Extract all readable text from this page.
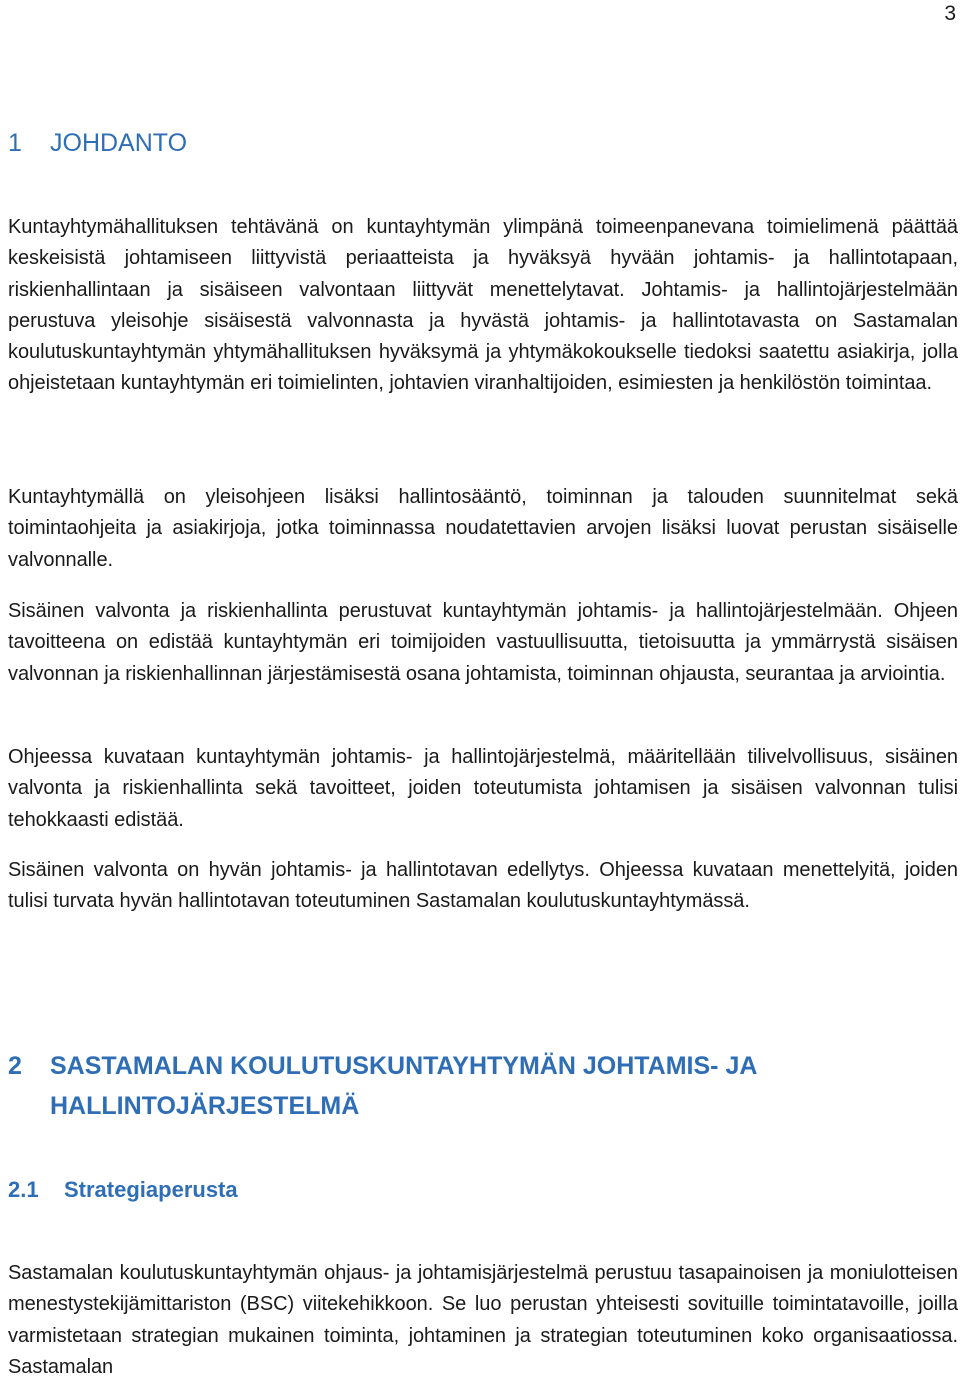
3
1 JOHDANTO

Kuntayhtymähallituksen tehtävänä on kuntayhtymän ylimpänä toimeenpanevana toimielimenä päättää keskeisistä johtamiseen liittyvistä periaatteista ja hyväksyä hyvään johtamis- ja hallintotapaan, riskienhallintaan ja sisäiseen valvontaan liittyvät menettelytavat. Johtamis- ja hallintojärjestelmään perustuva yleisohje sisäisestä valvonnasta ja hyvästä johtamis- ja hallintotavasta on Sastamalan koulutuskuntayhtymän yhtymähallituksen hyväksymä ja yhtymäkokoukselle tiedoksi saatettu asiakirja, jolla ohjeistetaan kuntayhtymän eri toimielinten, johtavien viranhaltijoiden, esimiesten ja henkilöstön toimintaa.

Kuntayhtymällä on yleisohjeen lisäksi hallintosääntö, toiminnan ja talouden suunnitelmat sekä toimintaohjeita ja asiakirjoja, jotka toiminnassa noudatettavien arvojen lisäksi luovat perustan sisäiselle valvonnalle.

Sisäinen valvonta ja riskienhallinta perustuvat kuntayhtymän johtamis- ja hallintojärjestelmään. Ohjeen tavoitteena on edistää kuntayhtymän eri toimijoiden vastuullisuutta, tietoisuutta ja ymmärrystä sisäisen valvonnan ja riskienhallinnan järjestämisestä osana johtamista, toiminnan ohjausta, seurantaa ja arviointia.

Ohjeessa kuvataan kuntayhtymän johtamis- ja hallintojärjestelmä, määritellään tilivelvollisuus, sisäinen valvonta ja riskienhallinta sekä tavoitteet, joiden toteutumista johtamisen ja sisäisen valvonnan tulisi tehokkaasti edistää.

Sisäinen valvonta on hyvän johtamis- ja hallintotavan edellytys. Ohjeessa kuvataan menettelyitä, joiden tulisi turvata hyvän hallintotavan toteutuminen Sastamalan koulutuskuntayhtymässä.

2	SASTAMALAN KOULUTUSKUNTAYHTYMÄN JOHTAMIS- JA HALLINTOJÄRJESTELMÄ
2.1 Strategiaperusta

Sastamalan koulutuskuntayhtymän ohjaus- ja johtamisjärjestelmä perustuu tasapainoisen ja moniulotteisen menestystekijämittariston (BSC) viitekehikkoon. Se luo perustan yhteisesti sovituille toimintatavoille, joilla varmistetaan strategian mukainen toiminta, johtaminen ja strategian toteutuminen koko organisaatiossa. Sastamalan
